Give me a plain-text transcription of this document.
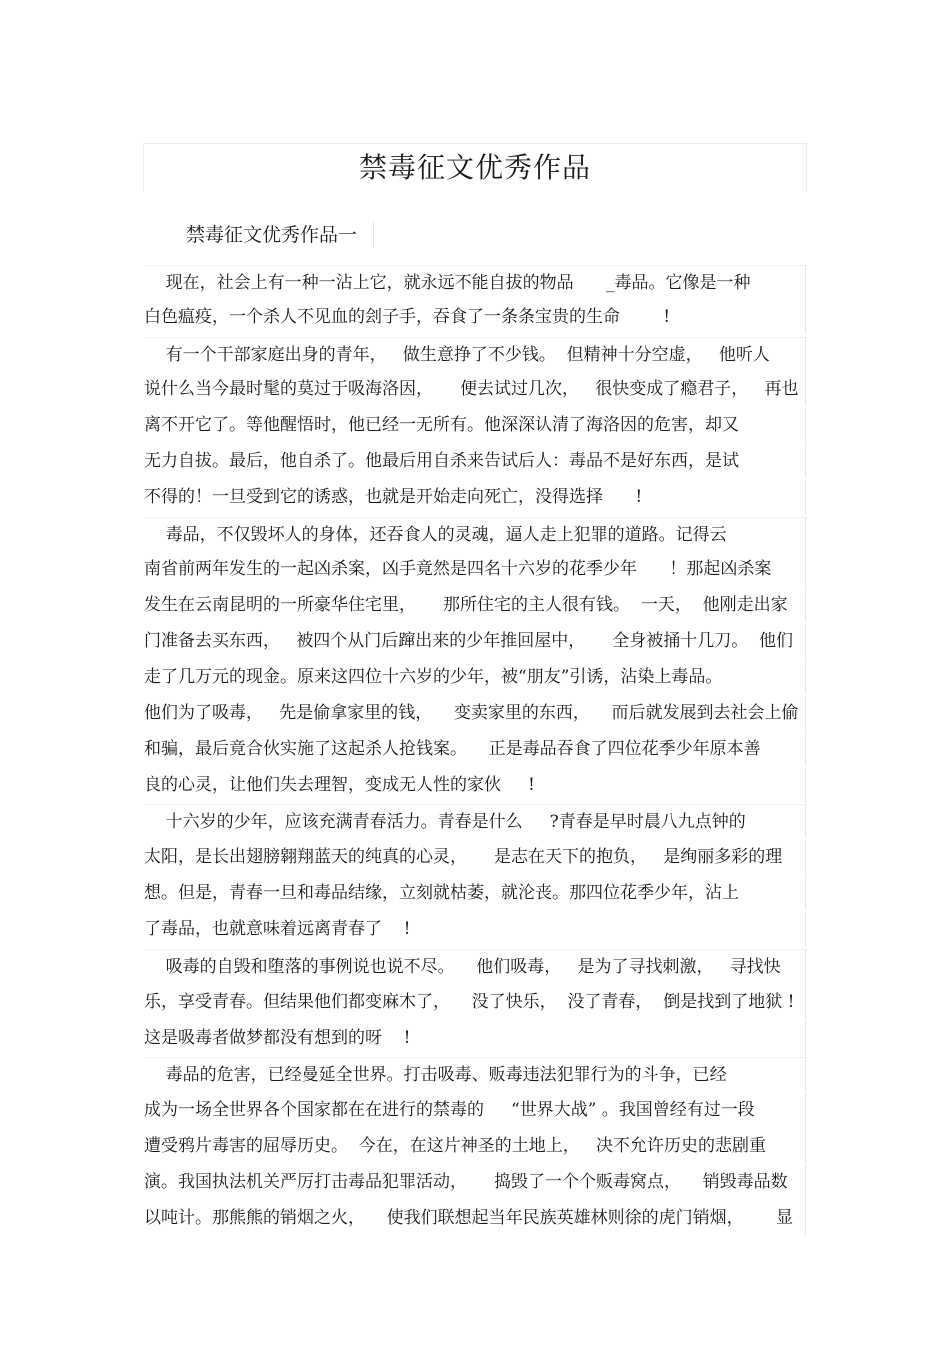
禁毒征文优秀作品
禁毒征文优秀作品一
现在，社会上有一种一沾上它，就永远不能自拔的物品      _毒品。它像是一种
白色瘟疫，一个杀人不见血的刽子手，吞食了一条条宝贵的生命        !
有一个干部家庭出身的青年，   做生意挣了不少钱。  但精神十分空虚，   他听人
说什么当今最时髦的莫过于吸海洛因，     便去试过几次，   很快变成了瘾君子，   再也
离不开它了。等他醒悟时，他已经一无所有。他深深认清了海洛因的危害，却又
无力自拔。最后，他自杀了。他最后用自杀来告试后人：毒品不是好东西，是试
不得的！一旦受到它的诱惑，也就是开始走向死亡，没得选择      !
毒品，不仅毁坏人的身体，还吞食人的灵魂，逼人走上犯罪的道路。记得云
南省前两年发生的一起凶杀案，凶手竟然是四名十六岁的花季少年      ！那起凶杀案
发生在云南昆明的一所豪华住宅里，     那所住宅的主人很有钱。  一天，  他刚走出家
门准备去买东西，   被四个从门后蹿出来的少年推回屋中，     全身被捅十几刀。  他们
走了几万元的现金。原来这四位十六岁的少年，被“朋友”引诱，沾染上毒品。
他们为了吸毒，   先是偷拿家里的钱，    变卖家里的东西，    而后就发展到去社会上偷
和骗，最后竟合伙实施了这起杀人抢钱案。    正是毒品吞食了四位花季少年原本善
良的心灵，让他们失去理智，变成无人性的家伙     !
十六岁的少年，应该充满青春活力。青春是什么     ?青春是早时晨八九点钟的
太阳，是长出翅膀翱翔蓝天的纯真的心灵，     是志在天下的抱负，   是绚丽多彩的理
想。但是，青春一旦和毒品结缘，立刻就枯萎，就沦丧。那四位花季少年，沾上
了毒品，也就意味着远离青春了    !
吸毒的自毁和堕落的事例说也说不尽。    他们吸毒，   是为了寻找刺激，   寻找快
乐，享受青春。但结果他们都变麻木了，    没了快乐，  没了青春，  倒是找到了地狱 !
这是吸毒者做梦都没有想到的呀    !
毒品的危害，已经曼延全世界。打击吸毒、贩毒违法犯罪行为的斗争，已经
成为一场全世界各个国家都在在进行的禁毒的     “世界大战” 。我国曾经有过一段
遭受鸦片毒害的屈辱历史。  今在，在这片神圣的土地上，   决不允许历史的悲剧重
演。我国执法机关严厉打击毒品犯罪活动，     捣毁了一个个贩毒窝点，    销毁毒品数
以吨计。那熊熊的销烟之火，    使我们联想起当年民族英雄林则徐的虎门销烟，      显
